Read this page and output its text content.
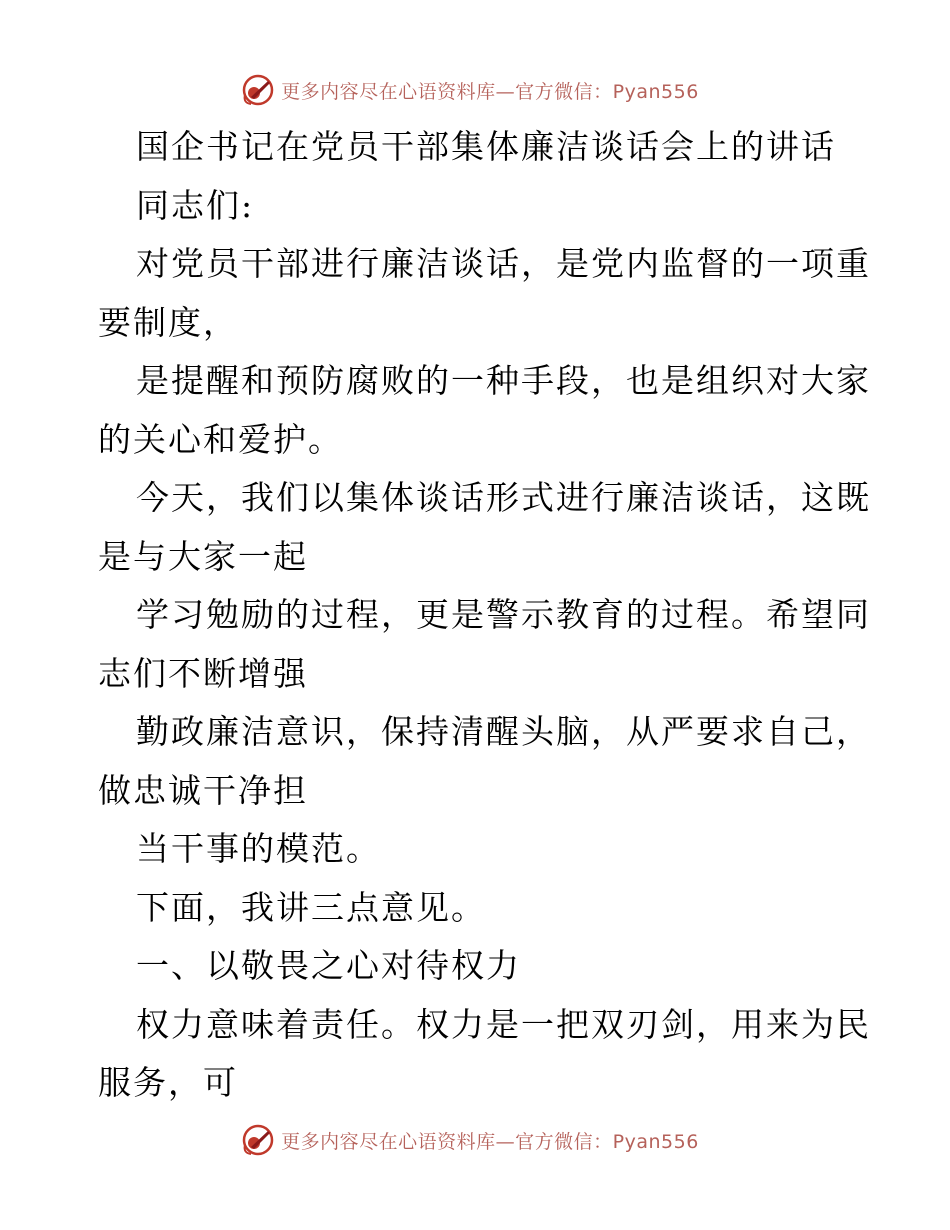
更多内容尽在心语资料库—官方微信：Pyan556
国企书记在党员干部集体廉洁谈话会上的讲话
同志们:
对党员干部进行廉洁谈话，是党内监督的一项重
要制度，
是提醒和预防腐败的一种手段，也是组织对大家
的关心和爱护。
今天，我们以集体谈话形式进行廉洁谈话，这既
是与大家一起
学习勉励的过程，更是警示教育的过程。希望同
志们不断增强
勤政廉洁意识，保持清醒头脑，从严要求自己，
做忠诚干净担
当干事的模范。
下面，我讲三点意见。
一、以敬畏之心对待权力
权力意味着责任。权力是一把双刃剑，用来为民
服务，可
更多内容尽在心语资料库—官方微信：Pyan556
